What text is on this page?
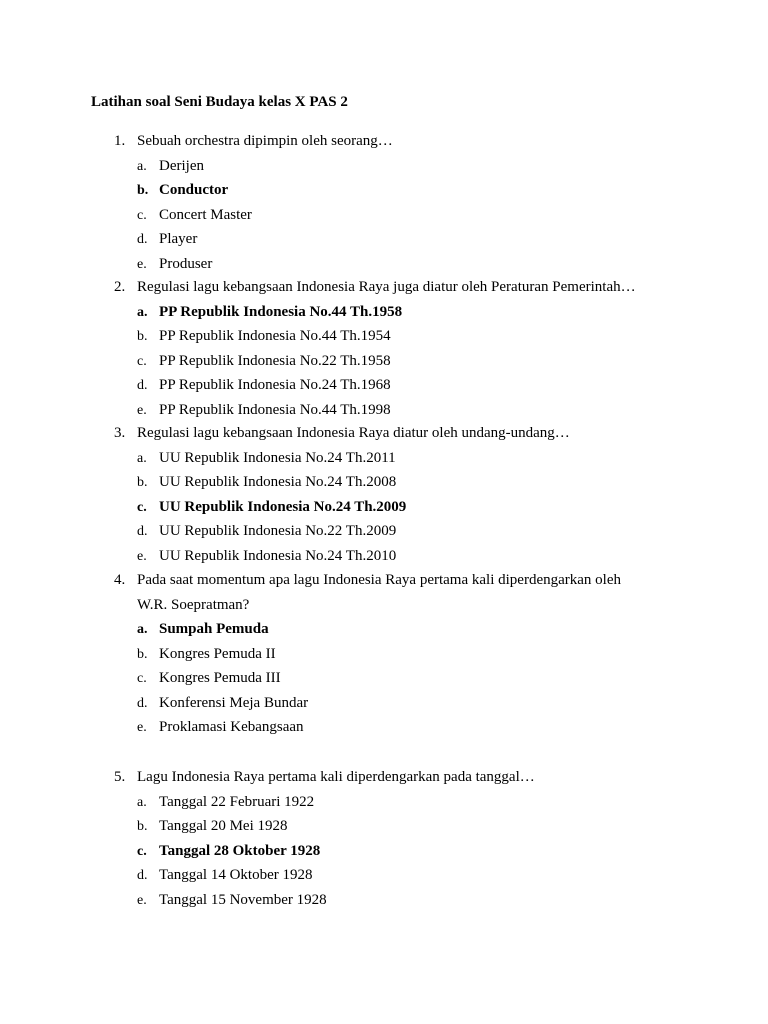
Latihan soal Seni Budaya kelas X PAS 2
1. Sebuah orchestra dipimpin oleh seorang…
a. Derijen
b. Conductor
c. Concert Master
d. Player
e. Produser
2. Regulasi lagu kebangsaan Indonesia Raya juga diatur oleh Peraturan Pemerintah…
a. PP Republik Indonesia No.44 Th.1958
b. PP Republik Indonesia No.44 Th.1954
c. PP Republik Indonesia No.22 Th.1958
d. PP Republik Indonesia No.24 Th.1968
e. PP Republik Indonesia No.44 Th.1998
3. Regulasi lagu kebangsaan Indonesia Raya diatur oleh undang-undang…
a. UU Republik Indonesia No.24 Th.2011
b. UU Republik Indonesia No.24 Th.2008
c. UU Republik Indonesia No.24 Th.2009
d. UU Republik Indonesia No.22 Th.2009
e. UU Republik Indonesia No.24 Th.2010
4. Pada saat momentum apa lagu Indonesia Raya pertama kali diperdengarkan oleh W.R. Soepratman?
a. Sumpah Pemuda
b. Kongres Pemuda II
c. Kongres Pemuda III
d. Konferensi Meja Bundar
e. Proklamasi Kebangsaan
5. Lagu Indonesia Raya pertama kali diperdengarkan pada tanggal…
a. Tanggal 22 Februari 1922
b. Tanggal 20 Mei 1928
c. Tanggal 28 Oktober 1928
d. Tanggal 14 Oktober 1928
e. Tanggal 15 November 1928
